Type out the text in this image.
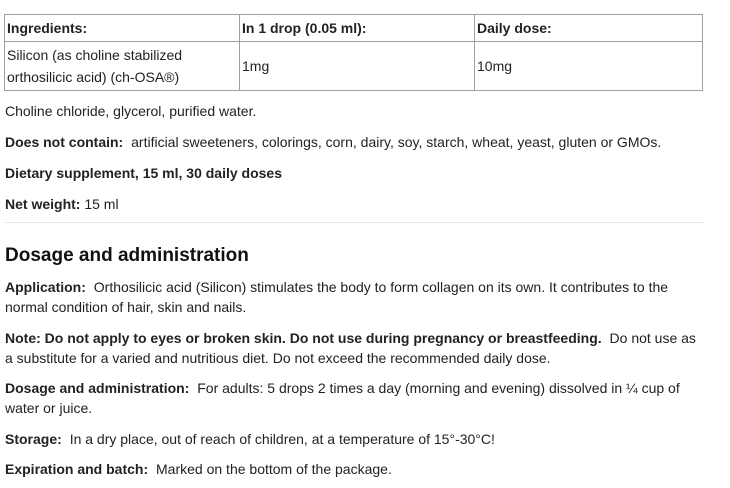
Ingredients:	In 1 drop (0.05 ml):	Daily dose:
Silicon (as choline stabilized orthosilicic acid) (ch-OSA®)	1mg	10mg

Choline chloride, glycerol, purified water.

Does not contain: artificial sweeteners, colorings, corn, dairy, soy, starch, wheat, yeast, gluten or GMOs.

Dietary supplement, 15 ml, 30 daily doses

Net weight: 15 ml

Dosage and administration

Application: Orthosilicic acid (Silicon) stimulates the body to form collagen on its own. It contributes to the normal condition of hair, skin and nails.

Note: Do not apply to eyes or broken skin. Do not use during pregnancy or breastfeeding. Do not use as a substitute for a varied and nutritious diet. Do not exceed the recommended daily dose.

Dosage and administration: For adults: 5 drops 2 times a day (morning and evening) dissolved in ¼ cup of water or juice.

Storage: In a dry place, out of reach of children, at a temperature of 15°-30°C!

Expiration and batch: Marked on the bottom of the package.
